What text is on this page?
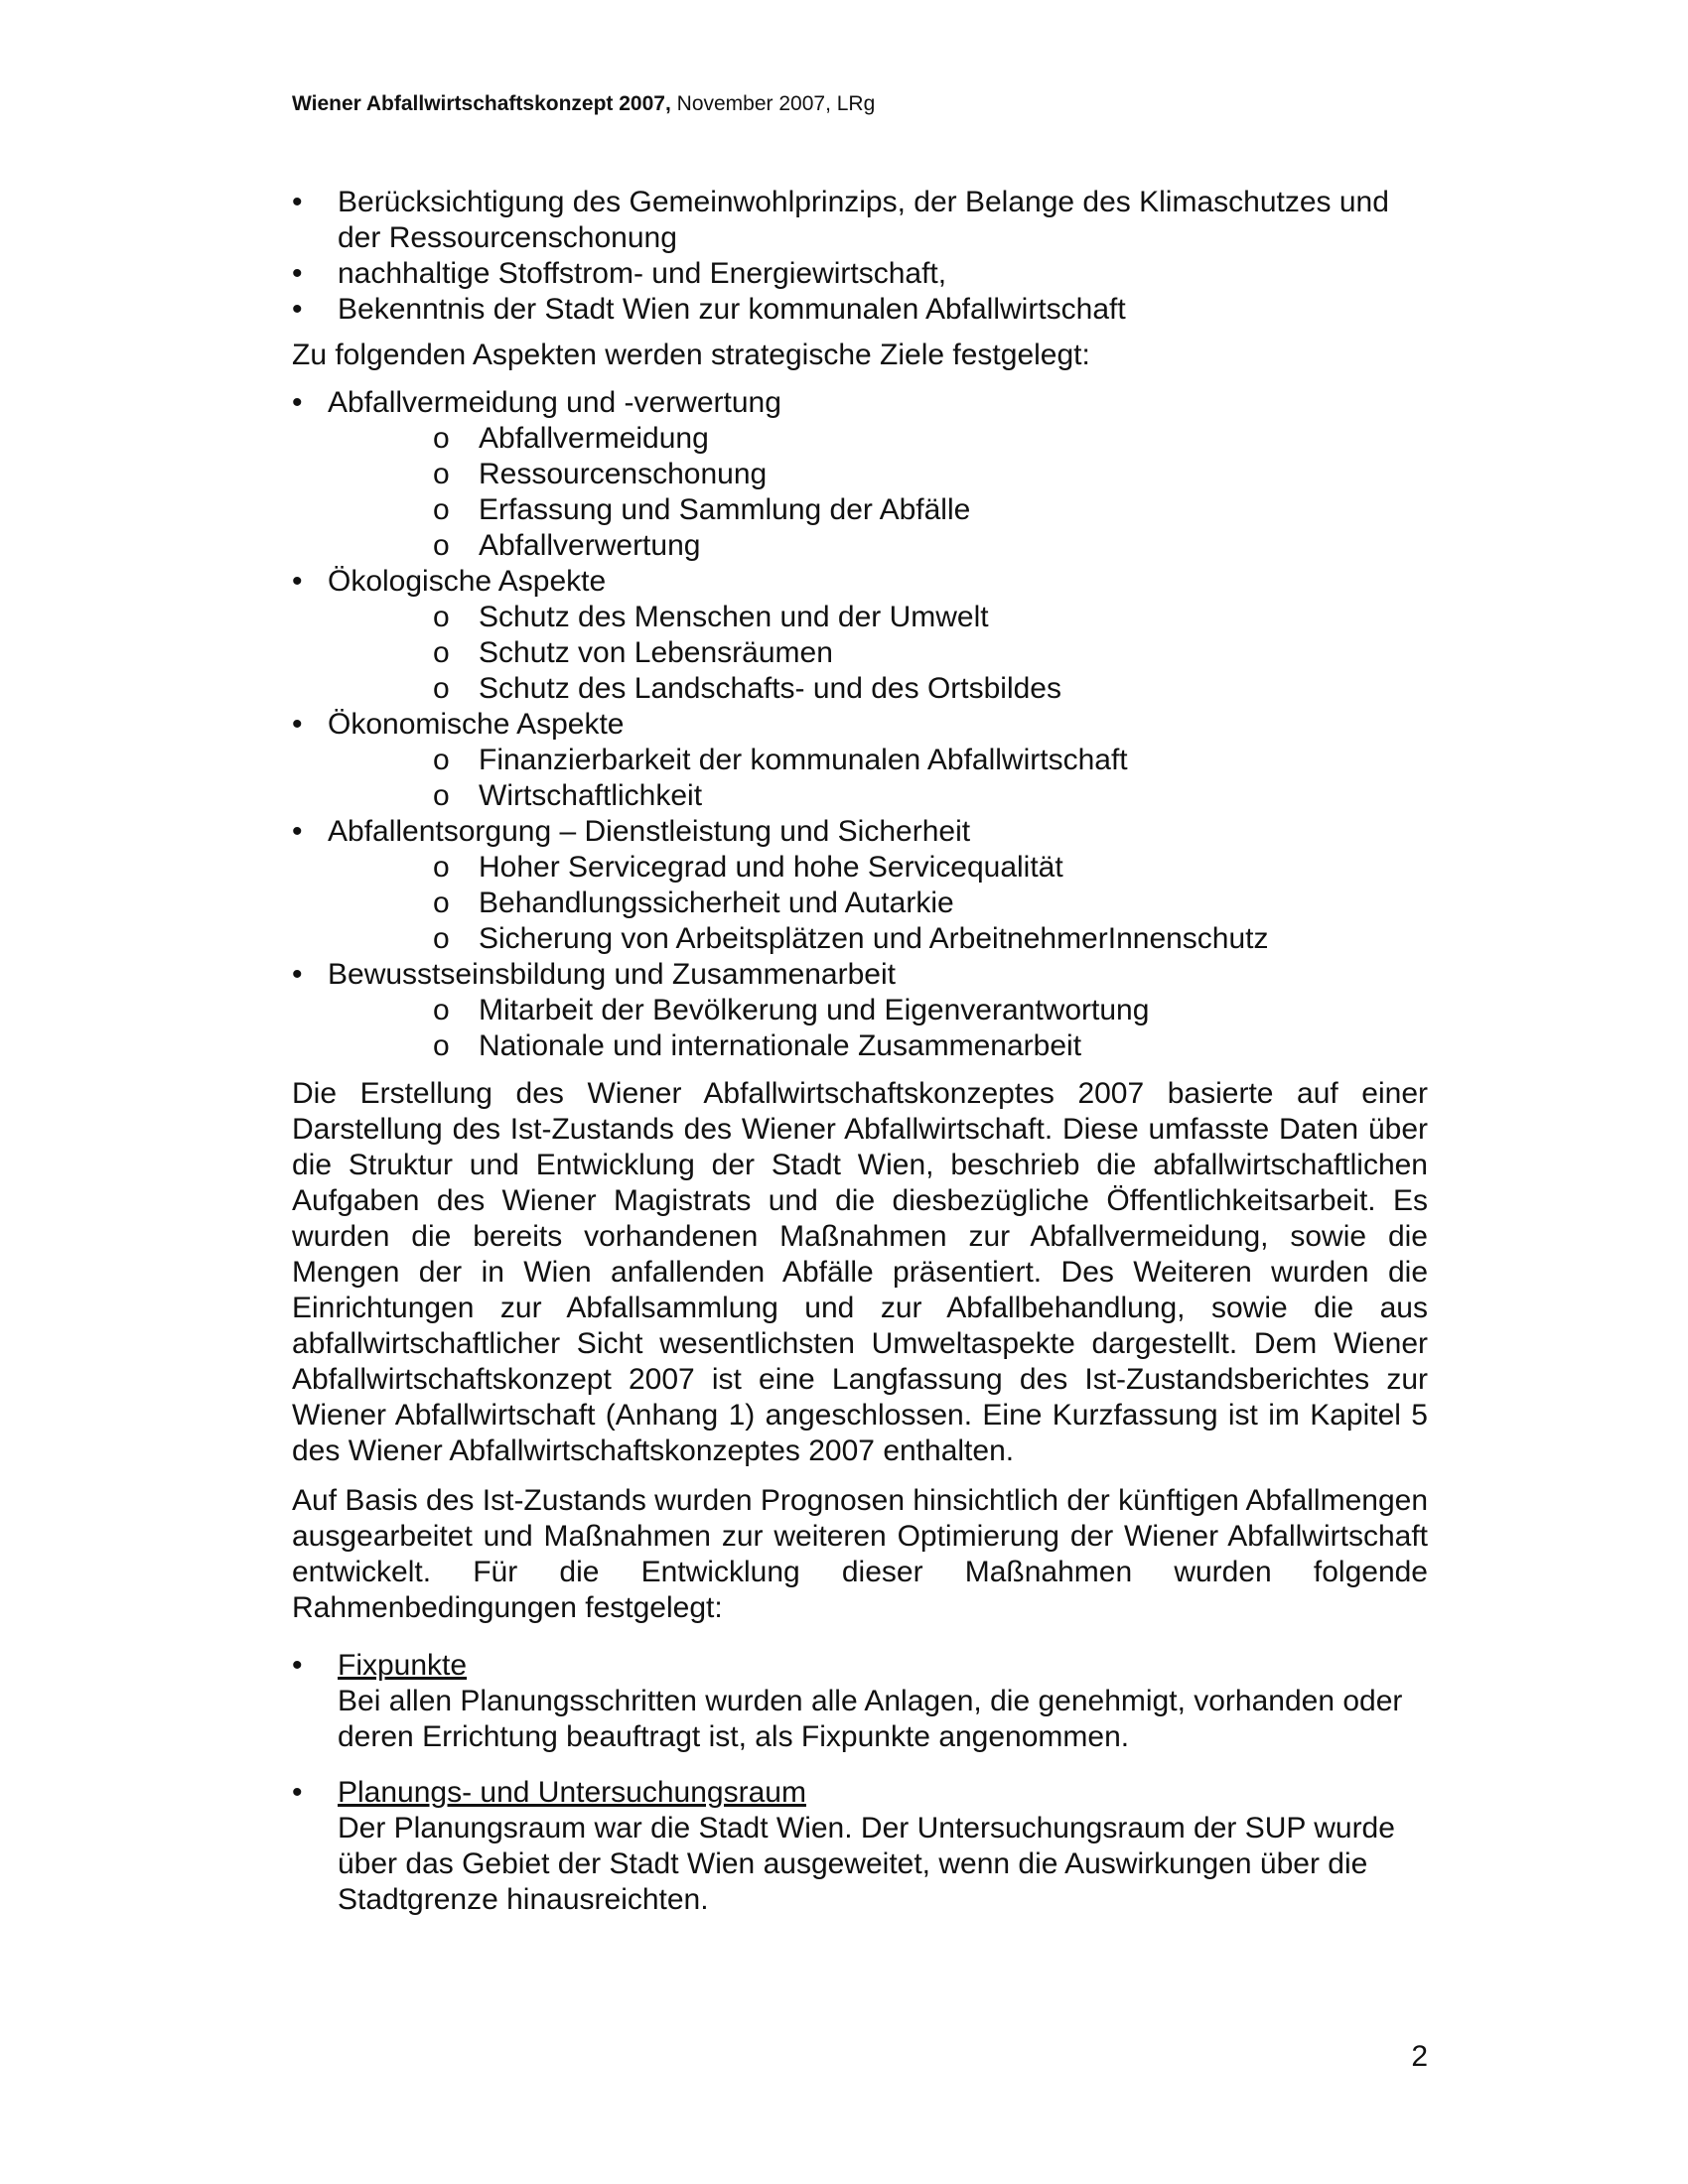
Wiener Abfallwirtschaftskonzept 2007, November 2007, LRg
• Berücksichtigung des Gemeinwohlprinzips, der Belange des Klimaschutzes und der Ressourcenschonung
• nachhaltige Stoffstrom- und Energiewirtschaft,
• Bekenntnis der Stadt Wien zur kommunalen Abfallwirtschaft
Zu folgenden Aspekten werden strategische Ziele festgelegt:
• Abfallvermeidung und -verwertung
o Abfallvermeidung
o Ressourcenschonung
o Erfassung und Sammlung der Abfälle
o Abfallverwertung
• Ökologische Aspekte
o Schutz des Menschen und der Umwelt
o Schutz von Lebensräumen
o Schutz des Landschafts- und des Ortsbildes
• Ökonomische Aspekte
o Finanzierbarkeit der kommunalen Abfallwirtschaft
o Wirtschaftlichkeit
• Abfallentsorgung – Dienstleistung und Sicherheit
o Hoher Servicegrad und hohe Servicequalität
o Behandlungssicherheit und Autarkie
o Sicherung von Arbeitsplätzen und ArbeitnehmerInnenschutz
• Bewusstseinsbildung und Zusammenarbeit
o Mitarbeit der Bevölkerung und Eigenverantwortung
o Nationale und internationale Zusammenarbeit
Die Erstellung des Wiener Abfallwirtschaftskonzeptes 2007 basierte auf einer Darstellung des Ist-Zustands des Wiener Abfallwirtschaft. Diese umfasste Daten über die Struktur und Entwicklung der Stadt Wien, beschrieb die abfallwirtschaftlichen Aufgaben des Wiener Magistrats und die diesbezügliche Öffentlichkeitsarbeit. Es wurden die bereits vorhandenen Maßnahmen zur Abfallvermeidung, sowie die Mengen der in Wien anfallenden Abfälle präsentiert. Des Weiteren wurden die Einrichtungen zur Abfallsammlung und zur Abfallbehandlung, sowie die aus abfallwirtschaftlicher Sicht wesentlichsten Umweltaspekte dargestellt. Dem Wiener Abfallwirtschaftskonzept 2007 ist eine Langfassung des Ist-Zustandsberichtes zur Wiener Abfallwirtschaft (Anhang 1) angeschlossen. Eine Kurzfassung ist im Kapitel 5 des Wiener Abfallwirtschaftskonzeptes 2007 enthalten.
Auf Basis des Ist-Zustands wurden Prognosen hinsichtlich der künftigen Abfallmengen ausgearbeitet und Maßnahmen zur weiteren Optimierung der Wiener Abfallwirtschaft entwickelt. Für die Entwicklung dieser Maßnahmen wurden folgende Rahmenbedingungen festgelegt:
• Fixpunkte
Bei allen Planungsschritten wurden alle Anlagen, die genehmigt, vorhanden oder deren Errichtung beauftragt ist, als Fixpunkte angenommen.
• Planungs- und Untersuchungsraum
Der Planungsraum war die Stadt Wien. Der Untersuchungsraum der SUP wurde über das Gebiet der Stadt Wien ausgeweitet, wenn die Auswirkungen über die Stadtgrenze hinausreichten.
2
